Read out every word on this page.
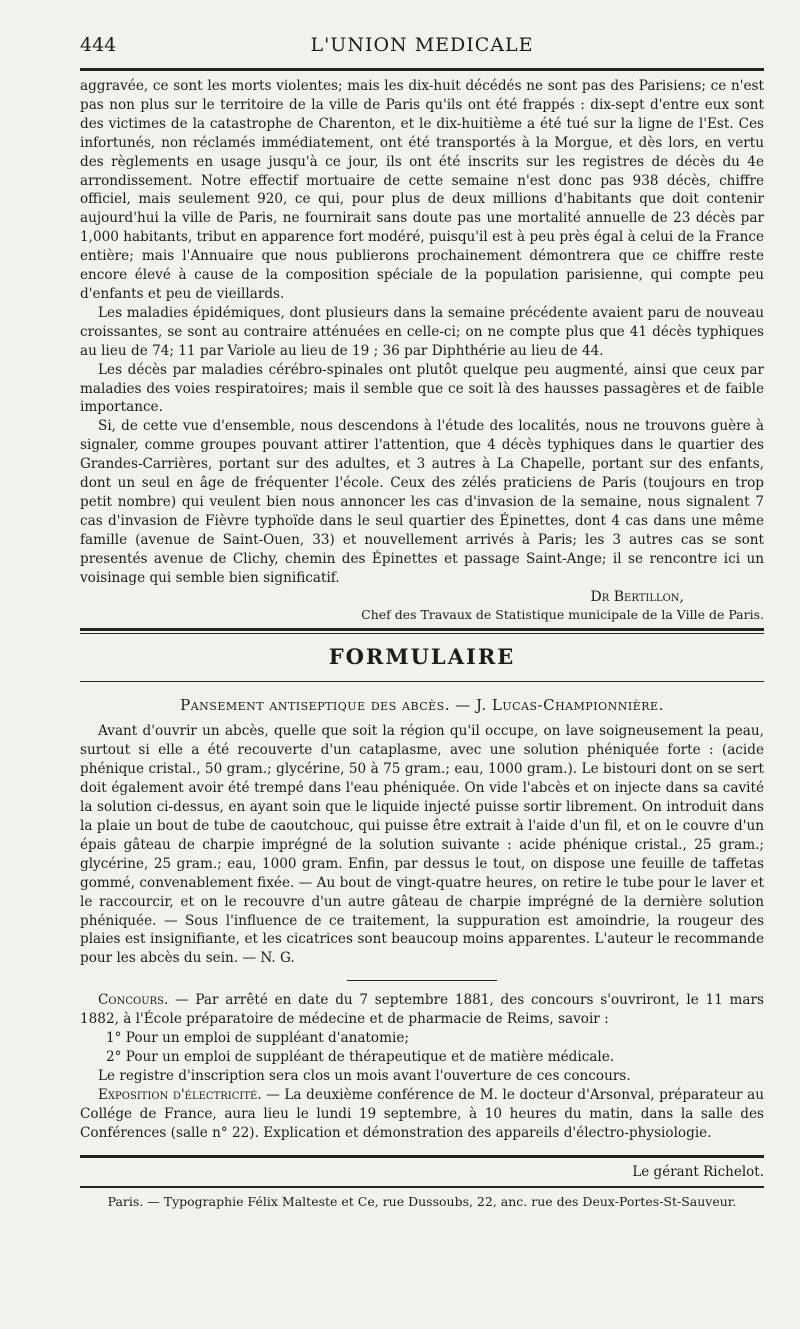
444	L'UNION MEDICALE

aggravée, ce sont les morts violentes; mais les dix-huit décédés ne sont pas des Parisiens; ce n'est pas non plus sur le territoire de la ville de Paris qu'ils ont été frappés : dix-sept d'entre eux sont des victimes de la catastrophe de Charenton, et le dix-huitième a été tué sur la ligne de l'Est. Ces infortunés, non réclamés immédiatement, ont été transportés à la Morgue, et dès lors, en vertu des règlements en usage jusqu'à ce jour, ils ont été inscrits sur les registres de décès du 4e arrondissement. Notre effectif mortuaire de cette semaine n'est donc pas 938 décès, chiffre officiel, mais seulement 920, ce qui, pour plus de deux millions d'habitants que doit contenir aujourd'hui la ville de Paris, ne fournirait sans doute pas une mortalité annuelle de 23 décès par 1,000 habitants, tribut en apparence fort modéré, puisqu'il est à peu près égal à celui de la France entière; mais l'Annuaire que nous publierons prochainement démontrera que ce chiffre reste encore élevé à cause de la composition spéciale de la population parisienne, qui compte peu d'enfants et peu de vieillards.

Les maladies épidémiques, dont plusieurs dans la semaine précédente avaient paru de nouveau croissantes, se sont au contraire atténuées en celle-ci; on ne compte plus que 41 décès typhiques au lieu de 74; 11 par Variole au lieu de 19 ; 36 par Diphthérie au lieu de 44.

Les décès par maladies cérébro-spinales ont plutôt quelque peu augmenté, ainsi que ceux par maladies des voies respiratoires; mais il semble que ce soit là des hausses passagères et de faible importance.

Si, de cette vue d'ensemble, nous descendons à l'étude des localités, nous ne trouvons guère à signaler, comme groupes pouvant attirer l'attention, que 4 décès typhiques dans le quartier des Grandes-Carrières, portant sur des adultes, et 3 autres à La Chapelle, portant sur des enfants, dont un seul en âge de fréquenter l'école. Ceux des zélés praticiens de Paris (toujours en trop petit nombre) qui veulent bien nous annoncer les cas d'invasion de la semaine, nous signalent 7 cas d'invasion de Fièvre typhoïde dans le seul quartier des Épinettes, dont 4 cas dans une même famille (avenue de Saint-Ouen, 33) et nouvellement arrivés à Paris; les 3 autres cas se sont presentés avenue de Clichy, chemin des Épinettes et passage Saint-Ange; il se rencontre ici un voisinage qui semble bien significatif.

Dr Bertillon,
Chef des Travaux de Statistique municipale de la Ville de Paris.
FORMULAIRE
Pansement antiseptique des abcès. — J. Lucas-Championnière.

Avant d'ouvrir un abcès, quelle que soit la région qu'il occupe, on lave soigneusement la peau, surtout si elle a été recouverte d'un cataplasme, avec une solution phéniquée forte : (acide phénique cristal., 50 gram.; glycérine, 50 à 75 gram.; eau, 1000 gram.). Le bistouri dont on se sert doit également avoir été trempé dans l'eau phéniquée. On vide l'abcès et on injecte dans sa cavité la solution ci-dessus, en ayant soin que le liquide injecté puisse sortir librement. On introduit dans la plaie un bout de tube de caoutchouc, qui puisse être extrait à l'aide d'un fil, et on le couvre d'un épais gâteau de charpie imprégné de la solution suivante : acide phénique cristal., 25 gram.; glycérine, 25 gram.; eau, 1000 gram. Enfin, par dessus le tout, on dispose une feuille de taffetas gommé, convenablement fixée. — Au bout de vingt-quatre heures, on retire le tube pour le laver et le raccourcir, et on le recouvre d'un autre gâteau de charpie imprégné de la dernière solution phéniquée. — Sous l'influence de ce traitement, la suppuration est amoindrie, la rougeur des plaies est insignifiante, et les cicatrices sont beaucoup moins apparentes. L'auteur le recommande pour les abcès du sein. — N. G.

Concours. — Par arrêté en date du 7 septembre 1881, des concours s'ouvriront, le 11 mars 1882, à l'École préparatoire de médecine et de pharmacie de Reims, savoir :

1° Pour un emploi de suppléant d'anatomie;
2° Pour un emploi de suppléant de thérapeutique et de matière médicale.
Le registre d'inscription sera clos un mois avant l'ouverture de ces concours.

Exposition d'électricité. — La deuxième conférence de M. le docteur d'Arsonval, préparateur au Collége de France, aura lieu le lundi 19 septembre, à 10 heures du matin, dans la salle des Conférences (salle n° 22). Explication et démonstration des appareils d'électro-physiologie.

Le gérant Richelot.
Paris. — Typographie Félix Malteste et Ce, rue Dussoubs, 22, anc. rue des Deux-Portes-St-Sauveur.
